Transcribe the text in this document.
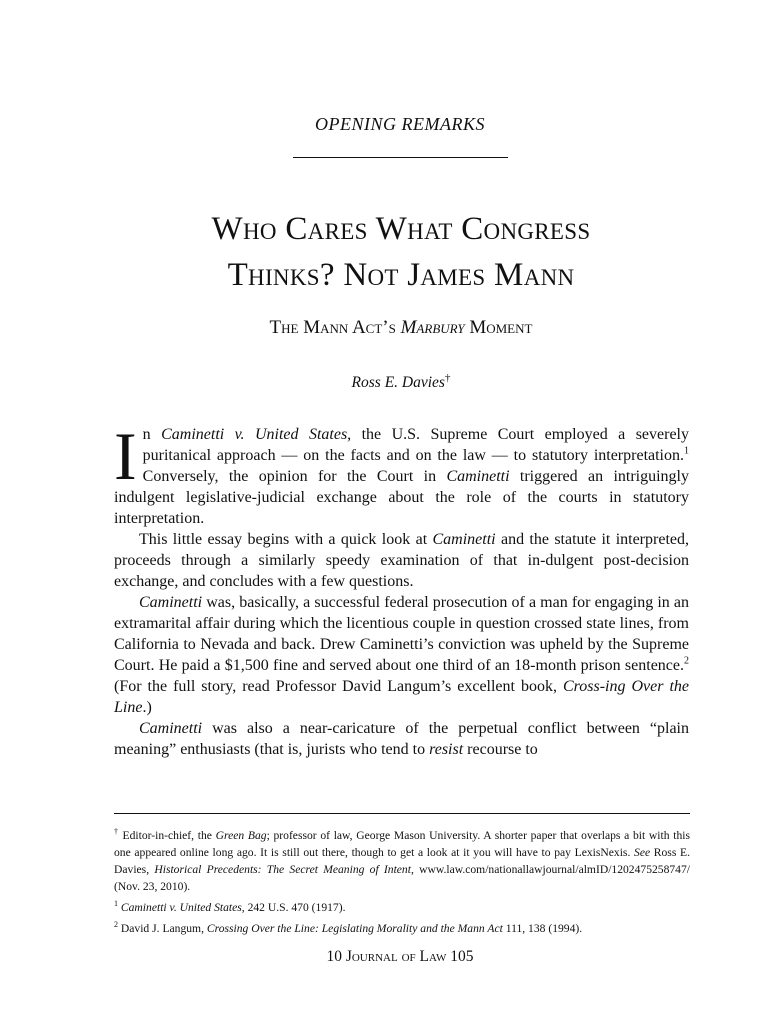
OPENING REMARKS
Who Cares What Congress
Thinks? Not James Mann
The Mann Act’s Marbury Moment
Ross E. Davies†

In Caminetti v. United States, the U.S. Supreme Court employed a severely puritanical approach — on the facts and on the law — to statutory interpretation.$^1$ Conversely, the opinion for the Court in Caminetti triggered an intriguingly indulgent legislative-judicial exchange about the role of the courts in statutory interpretation.

This little essay begins with a quick look at Caminetti and the statute it interpreted, proceeds through a similarly speedy examination of that in-dulgent post-decision exchange, and concludes with a few questions.

Caminetti was, basically, a successful federal prosecution of a man for engaging in an extramarital affair during which the licentious couple in question crossed state lines, from California to Nevada and back. Drew Caminetti’s conviction was upheld by the Supreme Court. He paid a $1,500 fine and served about one third of an 18-month prison sentence.$^2$ (For the full story, read Professor David Langum’s excellent book, Cross-ing Over the Line.)

Caminetti was also a near-caricature of the perpetual conflict between “plain meaning” enthusiasts (that is, jurists who tend to resist recourse to

† Editor-in-chief, the Green Bag; professor of law, George Mason University. A shorter paper that overlaps a bit with this one appeared online long ago. It is still out there, though to get a look at it you will have to pay LexisNexis. See Ross E. Davies, Historical Precedents: The Secret Meaning of Intent, www.law.com/nationallawjournal/almID/1202475258747/ (Nov. 23, 2010).

$^1$ Caminetti v. United States, 242 U.S. 470 (1917).

$^2$ David J. Langum, Crossing Over the Line: Legislating Morality and the Mann Act 111, 138 (1994).

10 Journal of Law 105
